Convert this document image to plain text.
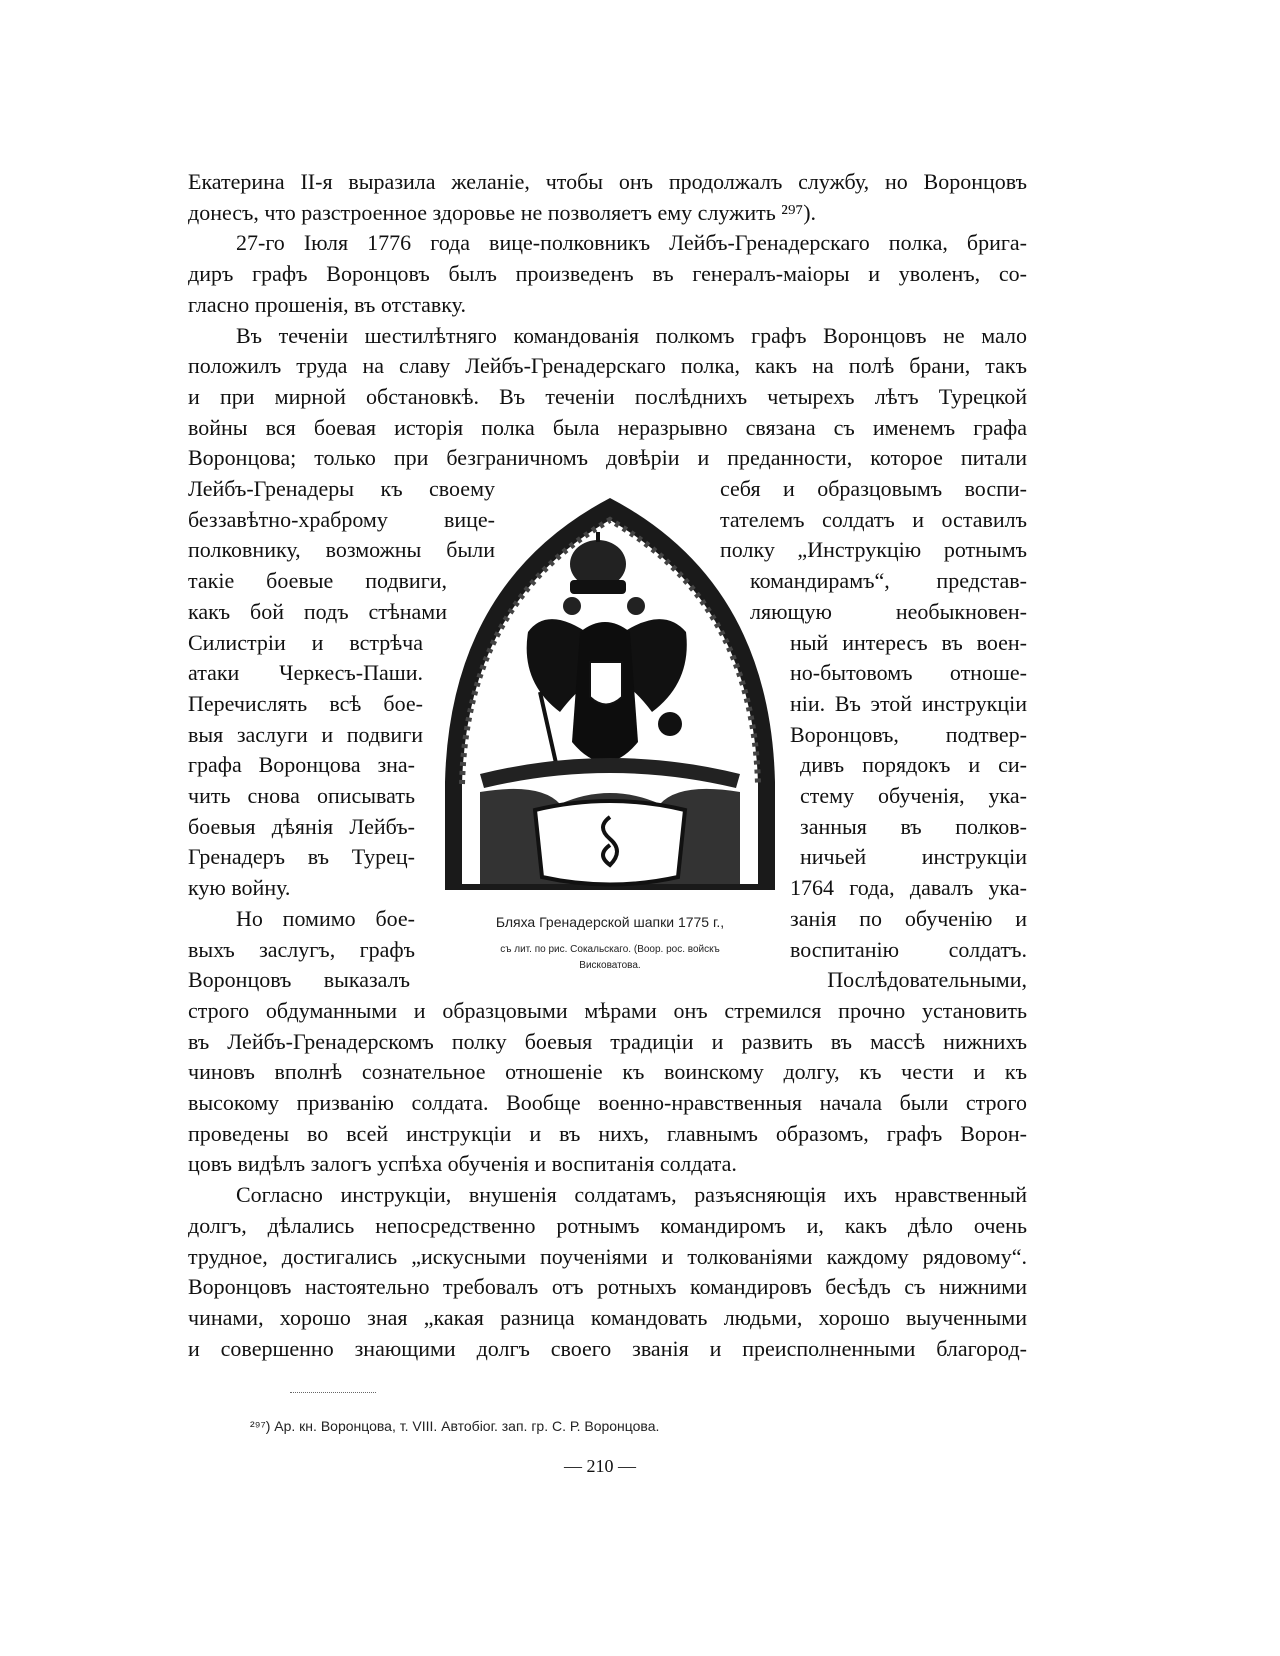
Екатерина II-я выразила желаніе, чтобы онъ продолжалъ службу, но Воронцовъ
донесъ, что разстроенное здоровье не позволяетъ ему служить ²⁹⁷).
27-го Іюля 1776 года вице-полковникъ Лейбъ-Гренадерскаго полка, брига-
диръ графъ Воронцовъ былъ произведенъ въ генералъ-маіоры и уволенъ, со-
гласно прошенія, въ отставку.
Въ теченіи шестилѣтняго командованія полкомъ графъ Воронцовъ не мало
положилъ труда на славу Лейбъ-Гренадерскаго полка, какъ на полѣ брани, такъ
и при мирной обстановкѣ. Въ теченіи послѣднихъ четырехъ лѣтъ Турецкой
войны вся боевая исторія полка была неразрывно связана съ именемъ графа
Воронцова; только при безграничномъ довѣріи и преданности, которое питали
Лейбъ-Гренадеры къ своему
беззавѣтно-храброму вице-
полковнику, возможны были
такіе боевые подвиги,
какъ бой подъ стѣнами
Силистріи и встрѣча
атаки Черкесъ-Паши.
Перечислять всѣ бое-
выя заслуги и подвиги
графа Воронцова зна-
чить снова описывать
боевыя дѣянія Лейбъ-
Гренадеръ въ Турец-
кую войну.
Но помимо бое-
выхъ заслугъ, графъ
Воронцовъ выказалъ
себя и образцовымъ воспи-
тателемъ солдатъ и оставилъ
полку „Инструкцію ротнымъ
командирамъ“, представ-
ляющую необыкновен-
ный интересъ въ воен-
но-бытовомъ отноше-
ніи. Въ этой инструкціи
Воронцовъ, подтвер-
дивъ порядокъ и си-
стему обученія, ука-
занныя въ полков-
ничьей инструкціи
1764 года, давалъ ука-
занія по обученію и
воспитанію солдатъ.
Послѣдовательными,
строго обдуманными и образцовыми мѣрами онъ стремился прочно установить
въ Лейбъ-Гренадерскомъ полку боевыя традиціи и развить въ массѣ нижнихъ
чиновъ вполнѣ сознательное отношеніе къ воинскому долгу, къ чести и къ
высокому призванію солдата. Вообще военно-нравственныя начала были строго
проведены во всей инструкціи и въ нихъ, главнымъ образомъ, графъ Ворон-
цовъ видѣлъ залогъ успѣха обученія и воспитанія солдата.
Согласно инструкціи, внушенія солдатамъ, разъясняющія ихъ нравственный
долгъ, дѣлались непосредственно ротнымъ командиромъ и, какъ дѣло очень
трудное, достигались „искусными поученіями и толкованіями каждому рядовому“.
Воронцовъ настоятельно требовалъ отъ ротныхъ командировъ бесѣдъ съ нижними
чинами, хорошо зная „какая разница командовать людьми, хорошо выученными
и совершенно знающими долгъ своего званія и преисполненными благород-
Бляха Гренадерской шапки 1775 г.,
съ лит. по рис. Сокальскаго. (Воор. рос. войскъ
Висковатова.
²⁹⁷) Ар. кн. Воронцова, т. VIII. Автобіог. зап. гр. С. Р. Воронцова.
— 210 —
